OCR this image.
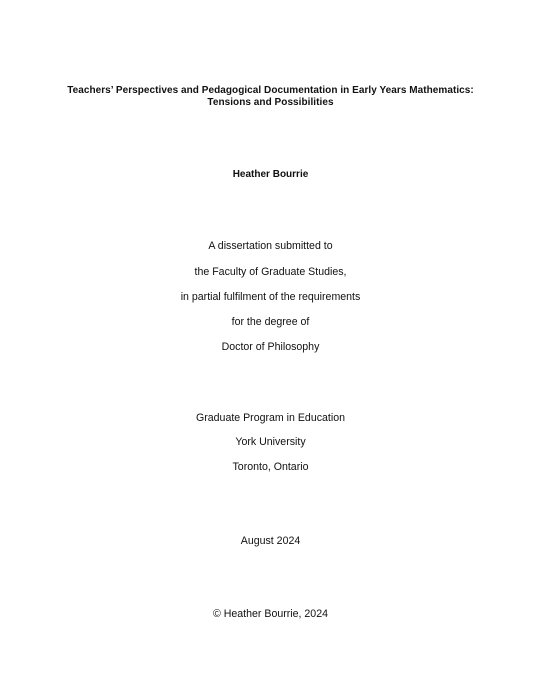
Teachers’ Perspectives and Pedagogical Documentation in Early Years Mathematics:
Tensions and Possibilities
Heather Bourrie
A dissertation submitted to
the Faculty of Graduate Studies,
in partial fulfilment of the requirements
for the degree of
Doctor of Philosophy
Graduate Program in Education
York University
Toronto, Ontario
August 2024
© Heather Bourrie, 2024
